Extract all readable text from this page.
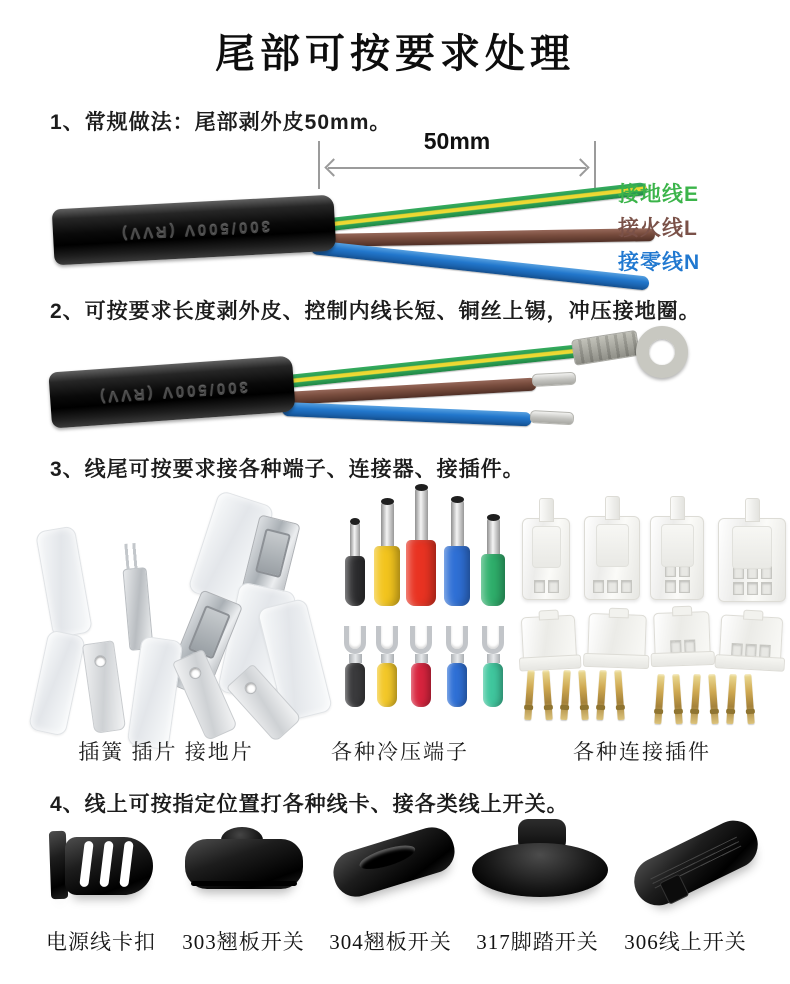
尾部可按要求处理
1、常规做法：尾部剥外皮50mm。
50mm
300/500V (RVV)
接地线E
接火线L
接零线N
2、可按要求长度剥外皮、控制内线长短、铜丝上锡，冲压接地圈。
300/500V (RVV)
3、线尾可按要求接各种端子、连接器、接插件。
插簧 插片 接地片	各种冷压端子	各种连接插件
4、线上可按指定位置打各种线卡、接各类线上开关。
电源线卡扣 303翘板开关 304翘板开关 317脚踏开关 306线上开关
